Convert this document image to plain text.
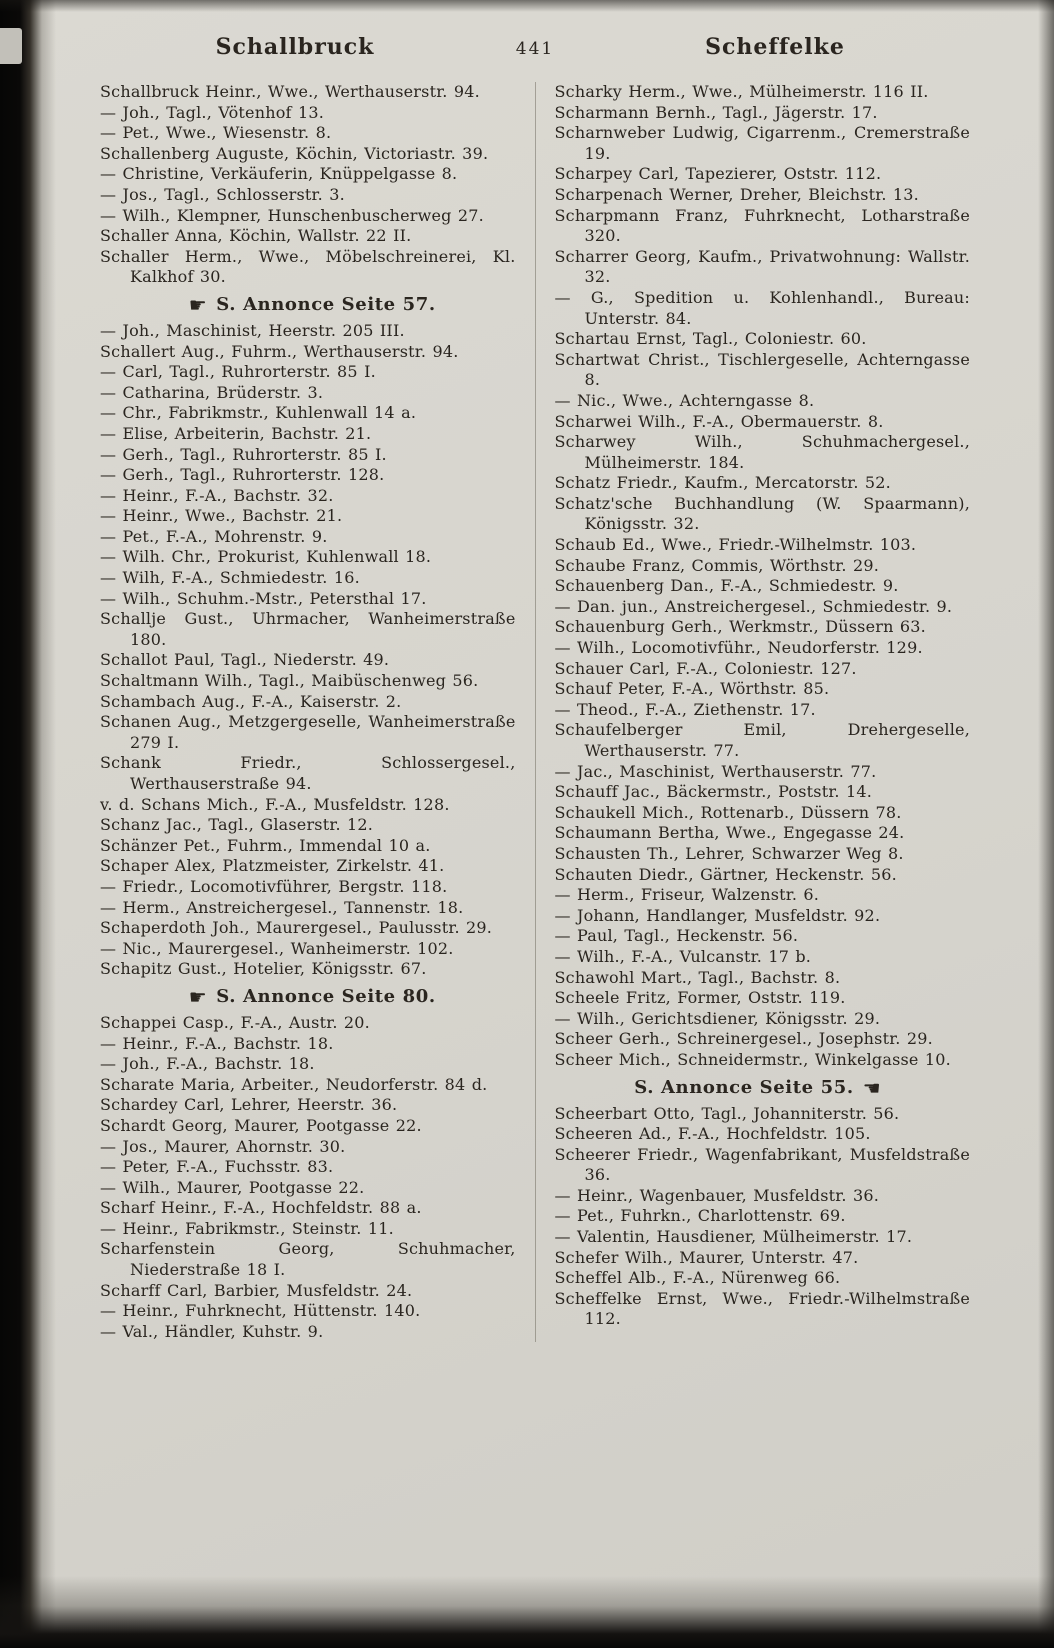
Schallbruck	441	Scheffelke
Schallbruck Heinr., Wwe., Werthauserstr. 94.
— Joh., Tagl., Vötenhof 13.
— Pet., Wwe., Wiesenstr. 8.
Schallenberg Auguste, Köchin, Victoriastr. 39.
— Christine, Verkäuferin, Knüppelgasse 8.
— Jos., Tagl., Schlosserstr. 3.
— Wilh., Klempner, Hunschenbuscherweg 27.
Schaller Anna, Köchin, Wallstr. 22 II.
Schaller Herm., Wwe., Möbelschreinerei, Kl. Kalkhof 30.
☛ S. Annonce Seite 57.
— Joh., Maschinist, Heerstr. 205 III.
Schallert Aug., Fuhrm., Werthauserstr. 94.
— Carl, Tagl., Ruhrorterstr. 85 I.
— Catharina, Brüderstr. 3.
— Chr., Fabrikmstr., Kuhlenwall 14 a.
— Elise, Arbeiterin, Bachstr. 21.
— Gerh., Tagl., Ruhrorterstr. 85 I.
— Gerh., Tagl., Ruhrorterstr. 128.
— Heinr., F.-A., Bachstr. 32.
— Heinr., Wwe., Bachstr. 21.
— Pet., F.-A., Mohrenstr. 9.
— Wilh. Chr., Prokurist, Kuhlenwall 18.
— Wilh, F.-A., Schmiedestr. 16.
— Wilh., Schuhm.-Mstr., Petersthal 17.
Schallje Gust., Uhrmacher, Wanheimerstraße 180.
Schallot Paul, Tagl., Niederstr. 49.
Schaltmann Wilh., Tagl., Maibüschenweg 56.
Schambach Aug., F.-A., Kaiserstr. 2.
Schanen Aug., Metzgergeselle, Wanheimerstraße 279 I.
Schank Friedr., Schlossergesel., Werthauserstraße 94.
v. d. Schans Mich., F.-A., Musfeldstr. 128.
Schanz Jac., Tagl., Glaserstr. 12.
Schänzer Pet., Fuhrm., Immendal 10 a.
Schaper Alex, Platzmeister, Zirkelstr. 41.
— Friedr., Locomotivführer, Bergstr. 118.
— Herm., Anstreichergesel., Tannenstr. 18.
Schaperdoth Joh., Maurergesel., Paulusstr. 29.
— Nic., Maurergesel., Wanheimerstr. 102.
Schapitz Gust., Hotelier, Königsstr. 67.
☛ S. Annonce Seite 80.
Schappei Casp., F.-A., Austr. 20.
— Heinr., F.-A., Bachstr. 18.
— Joh., F.-A., Bachstr. 18.
Scharate Maria, Arbeiter., Neudorferstr. 84 d.
Schardey Carl, Lehrer, Heerstr. 36.
Schardt Georg, Maurer, Pootgasse 22.
— Jos., Maurer, Ahornstr. 30.
— Peter, F.-A., Fuchsstr. 83.
— Wilh., Maurer, Pootgasse 22.
Scharf Heinr., F.-A., Hochfeldstr. 88 a.
— Heinr., Fabrikmstr., Steinstr. 11.
Scharfenstein Georg, Schuhmacher, Niederstraße 18 I.
Scharff Carl, Barbier, Musfeldstr. 24.
— Heinr., Fuhrknecht, Hüttenstr. 140.
— Val., Händler, Kuhstr. 9.
Scharky Herm., Wwe., Mülheimerstr. 116 II.
Scharmann Bernh., Tagl., Jägerstr. 17.
Scharnweber Ludwig, Cigarrenm., Cremerstraße 19.
Scharpey Carl, Tapezierer, Oststr. 112.
Scharpenach Werner, Dreher, Bleichstr. 13.
Scharpmann Franz, Fuhrknecht, Lotharstraße 320.
Scharrer Georg, Kaufm., Privatwohnung: Wallstr. 32.
— G., Spedition u. Kohlenhandl., Bureau: Unterstr. 84.
Schartau Ernst, Tagl., Coloniestr. 60.
Schartwat Christ., Tischlergeselle, Achterngasse 8.
— Nic., Wwe., Achterngasse 8.
Scharwei Wilh., F.-A., Obermauerstr. 8.
Scharwey Wilh., Schuhmachergesel., Mülheimerstr. 184.
Schatz Friedr., Kaufm., Mercatorstr. 52.
Schatz'sche Buchhandlung (W. Spaarmann), Königsstr. 32.
Schaub Ed., Wwe., Friedr.-Wilhelmstr. 103.
Schaube Franz, Commis, Wörthstr. 29.
Schauenberg Dan., F.-A., Schmiedestr. 9.
— Dan. jun., Anstreichergesel., Schmiedestr. 9.
Schauenburg Gerh., Werkmstr., Düssern 63.
— Wilh., Locomotivführ., Neudorferstr. 129.
Schauer Carl, F.-A., Coloniestr. 127.
Schauf Peter, F.-A., Wörthstr. 85.
— Theod., F.-A., Ziethenstr. 17.
Schaufelberger Emil, Drehergeselle, Werthauserstr. 77.
— Jac., Maschinist, Werthauserstr. 77.
Schauff Jac., Bäckermstr., Poststr. 14.
Schaukell Mich., Rottenarb., Düssern 78.
Schaumann Bertha, Wwe., Engegasse 24.
Schausten Th., Lehrer, Schwarzer Weg 8.
Schauten Diedr., Gärtner, Heckenstr. 56.
— Herm., Friseur, Walzenstr. 6.
— Johann, Handlanger, Musfeldstr. 92.
— Paul, Tagl., Heckenstr. 56.
— Wilh., F.-A., Vulcanstr. 17 b.
Schawohl Mart., Tagl., Bachstr. 8.
Scheele Fritz, Former, Oststr. 119.
— Wilh., Gerichtsdiener, Königsstr. 29.
Scheer Gerh., Schreinergesel., Josephstr. 29.
Scheer Mich., Schneidermstr., Winkelgasse 10.
S. Annonce Seite 55. ☚
Scheerbart Otto, Tagl., Johanniterstr. 56.
Scheeren Ad., F.-A., Hochfeldstr. 105.
Scheerer Friedr., Wagenfabrikant, Musfeldstraße 36.
— Heinr., Wagenbauer, Musfeldstr. 36.
— Pet., Fuhrkn., Charlottenstr. 69.
— Valentin, Hausdiener, Mülheimerstr. 17.
Schefer Wilh., Maurer, Unterstr. 47.
Scheffel Alb., F.-A., Nürenweg 66.
Scheffelke Ernst, Wwe., Friedr.-Wilhelmstraße 112.
